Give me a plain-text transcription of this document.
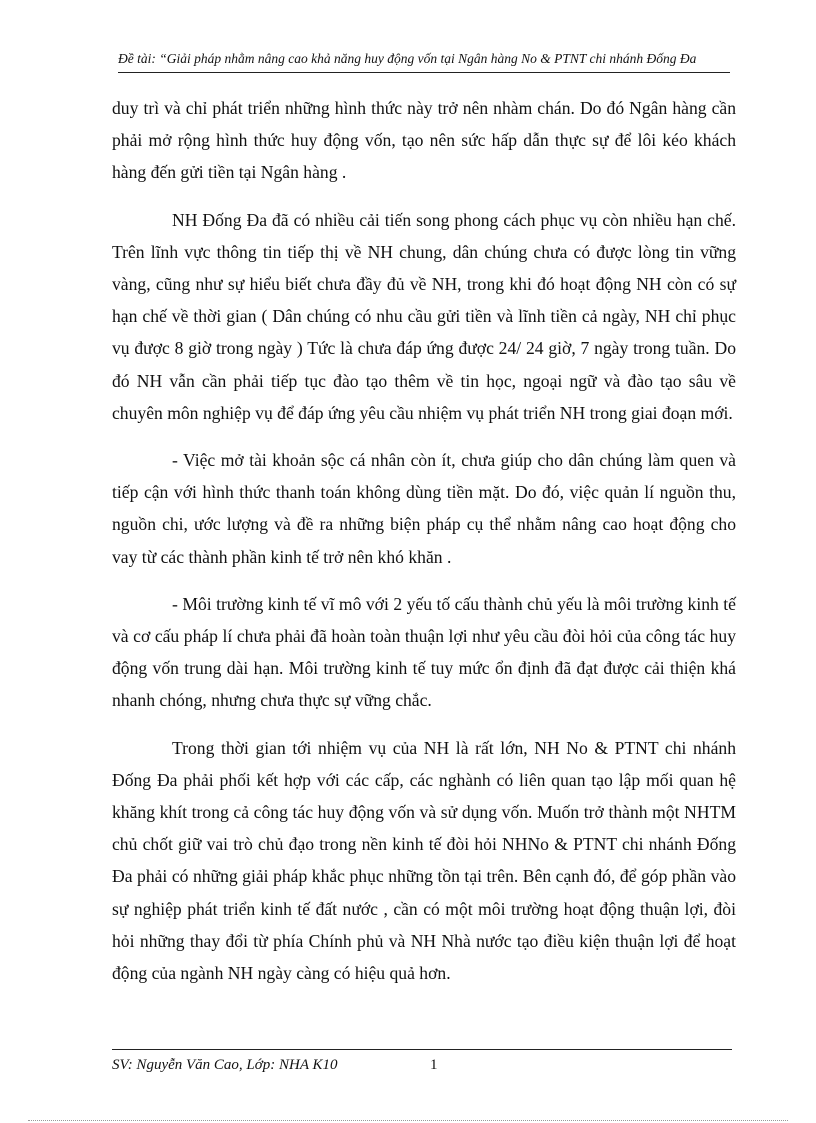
Đề tài: “Giải pháp nhằm nâng cao khả năng huy động vốn tại Ngân hàng No & PTNT chi nhánh Đống Đa

duy trì và chỉ phát triển những hình thức này trở nên nhàm chán. Do đó Ngân hàng cần phải mở rộng hình thức huy động vốn, tạo nên sức hấp dẫn thực sự để lôi kéo khách hàng đến gửi tiền tại Ngân hàng .

NH Đống Đa đã có nhiều cải tiến song phong cách phục vụ còn nhiều hạn chế. Trên lĩnh vực thông tin tiếp thị về NH chung, dân chúng chưa có được lòng tin vững vàng, cũng như sự hiểu biết chưa đầy đủ về NH, trong khi đó hoạt động NH còn có sự hạn chế về thời gian ( Dân chúng có nhu cầu gửi tiền và lĩnh tiền cả ngày, NH chỉ phục vụ được 8 giờ trong ngày ) Tức là chưa đáp ứng được 24/ 24 giờ, 7 ngày trong tuần. Do đó NH vẫn cần phải tiếp tục đào tạo thêm về tin học, ngoại ngữ và đào tạo sâu về chuyên môn nghiệp vụ để đáp ứng yêu cầu nhiệm vụ phát triển NH trong giai đoạn mới.

- Việc mở tài khoản sộc cá nhân còn ít, chưa giúp cho dân chúng làm quen và tiếp cận với hình thức thanh toán không dùng tiền mặt. Do đó, việc quản lí nguồn thu, nguồn chi, ước lượng và đề ra những biện pháp cụ thể nhằm nâng cao hoạt động cho vay từ các thành phần kinh tế trở nên khó khăn .

- Môi trường kinh tế vĩ mô với 2 yếu tố cấu thành chủ yếu là môi trường kinh tế và cơ cấu pháp lí chưa phải đã hoàn toàn thuận lợi như yêu cầu đòi hỏi của công tác huy động vốn trung dài hạn. Môi trường kinh tế tuy mức ổn định đã đạt được cải thiện khá nhanh chóng, nhưng chưa thực sự vững chắc.

Trong thời gian tới nhiệm vụ của NH là rất lớn, NH No & PTNT chi nhánh Đống Đa phải phối kết hợp với các cấp, các nghành có liên quan tạo lập mối quan hệ khăng khít trong cả công tác huy động vốn và sử dụng vốn. Muốn trở thành một NHTM chủ chốt giữ vai trò chủ đạo trong nền kinh tế đòi hỏi NHNo & PTNT chi nhánh Đống Đa phải có những giải pháp khắc phục những tồn tại trên. Bên cạnh đó, để góp phần vào sự nghiệp phát triển kinh tế đất nước , cần có một môi trường hoạt động thuận lợi, đòi hỏi những thay đổi từ phía Chính phủ và NH Nhà nước tạo điều kiện thuận lợi để hoạt động của ngành NH ngày càng có hiệu quả hơn.

SV: Nguyễn Văn Cao, Lớp: NHA K10	1
